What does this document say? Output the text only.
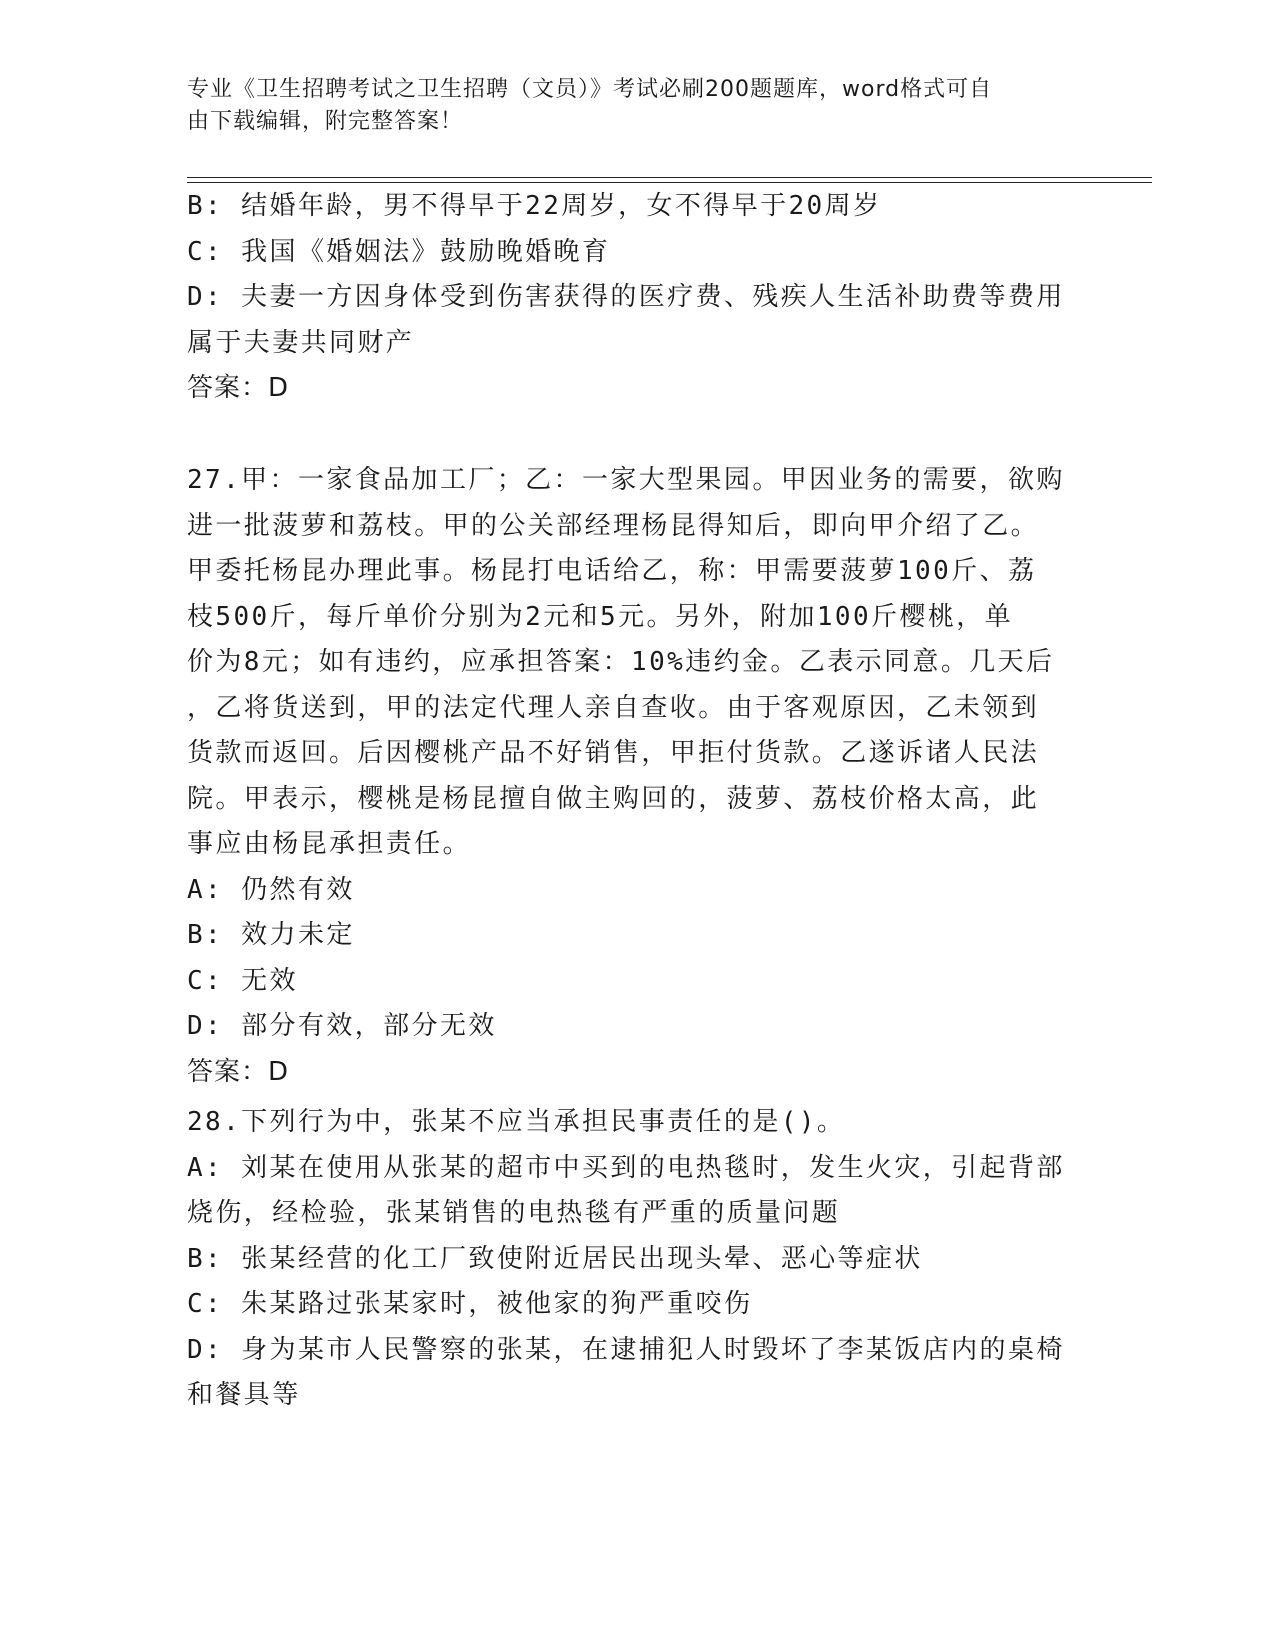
专业《卫生招聘考试之卫生招聘（文员）》考试必刷200题题库，word格式可自
由下载编辑，附完整答案！
B: 结婚年龄，男不得早于22周岁，女不得早于20周岁
C: 我国《婚姻法》鼓励晚婚晚育
D: 夫妻一方因身体受到伤害获得的医疗费、残疾人生活补助费等费用
属于夫妻共同财产
答案：D
27.甲：一家食品加工厂；乙：一家大型果园。甲因业务的需要，欲购
进一批菠萝和荔枝。甲的公关部经理杨昆得知后，即向甲介绍了乙。
甲委托杨昆办理此事。杨昆打电话给乙，称：甲需要菠萝100斤、荔
枝500斤，每斤单价分别为2元和5元。另外，附加100斤樱桃，单
价为8元；如有违约，应承担答案：10%违约金。乙表示同意。几天后
，乙将货送到，甲的法定代理人亲自查收。由于客观原因，乙未领到
货款而返回。后因樱桃产品不好销售，甲拒付货款。乙遂诉诸人民法
院。甲表示，樱桃是杨昆擅自做主购回的，菠萝、荔枝价格太高，此
事应由杨昆承担责任。
A: 仍然有效
B: 效力未定
C: 无效
D: 部分有效，部分无效
答案：D
28.下列行为中，张某不应当承担民事责任的是()。
A: 刘某在使用从张某的超市中买到的电热毯时，发生火灾，引起背部
烧伤，经检验，张某销售的电热毯有严重的质量问题
B: 张某经营的化工厂致使附近居民出现头晕、恶心等症状
C: 朱某路过张某家时，被他家的狗严重咬伤
D: 身为某市人民警察的张某，在逮捕犯人时毁坏了李某饭店内的桌椅
和餐具等
